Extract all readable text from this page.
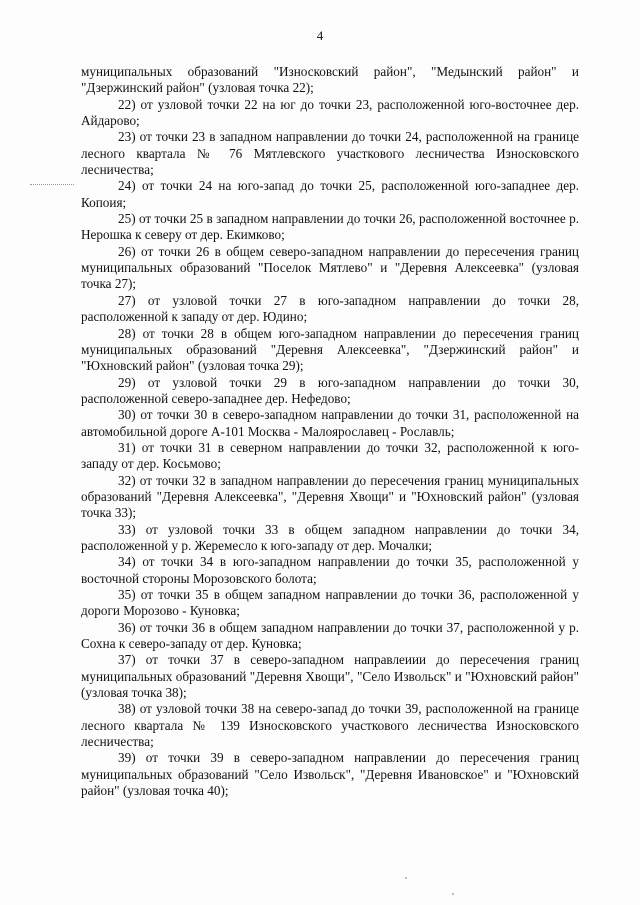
4

муниципальных образований "Износковский район", "Медынский район" и "Дзержинский район" (узловая точка 22);

22) от узловой точки 22 на юг до точки 23, расположенной юго-восточнее дер. Айдарово;

23) от точки 23 в западном направлении до точки 24, расположенной на границе лесного квартала № 76 Мятлевского участкового лесничества Износковского лесничества;

24) от точки 24 на юго-запад до точки 25, расположенной юго-западнее дер. Копоия;

25) от точки 25 в западном направлении до точки 26, расположенной восточнее р. Нерошка к северу от дер. Екимково;

26) от точки 26 в общем северо-западном направлении до пересечения границ муниципальных образований "Поселок Мятлево" и "Деревня Алексеевка" (узловая точка 27);

27) от узловой точки 27 в юго-западном направлении до точки 28, расположенной к западу от дер. Юдино;

28) от точки 28 в общем юго-западном направлении до пересечения границ муниципальных образований "Деревня Алексеевка", "Дзержинский район" и "Юхновский район" (узловая точка 29);

29) от узловой точки 29 в юго-западном направлении до точки 30, расположенной северо-западнее дер. Нефедово;

30) от точки 30 в северо-западном направлении до точки 31, расположенной на автомобильной дороге А-101 Москва - Малоярославец - Рославль;

31) от точки 31 в северном направлении до точки 32, расположенной к юго-западу от дер. Косьмово;

32) от точки 32 в западном направлении до пересечения границ муниципальных образований "Деревня Алексеевка", "Деревня Хвощи" и "Юхновский район" (узловая точка 33);

33) от узловой точки 33 в общем западном направлении до точки 34, расположенной у р. Жеремесло к юго-западу от дер. Мочалки;

34) от точки 34 в юго-западном направлении до точки 35, расположенной у восточной стороны Морозовского болота;

35) от точки 35 в общем западном направлении до точки 36, расположенной у дороги Морозово - Куновка;

36) от точки 36 в общем западном направлении до точки 37, расположенной у р. Сохна к северо-западу от дер. Куновка;

37) от точки 37 в северо-западном направлеиии до пересечения границ муниципальных образований "Деревня Хвощи", "Село Извольск" и "Юхновский район" (узловая точка 38);

38) от узловой точки 38 на северо-запад до точки 39, расположенной на границе лесного квартала № 139 Износковского участкового лесничества Износковского лесничества;

39) от точки 39 в северо-западном направлении до пересечения границ муниципальных образований "Село Извольск", "Деревня Ивановское" и "Юхновский район" (узловая точка 40);
